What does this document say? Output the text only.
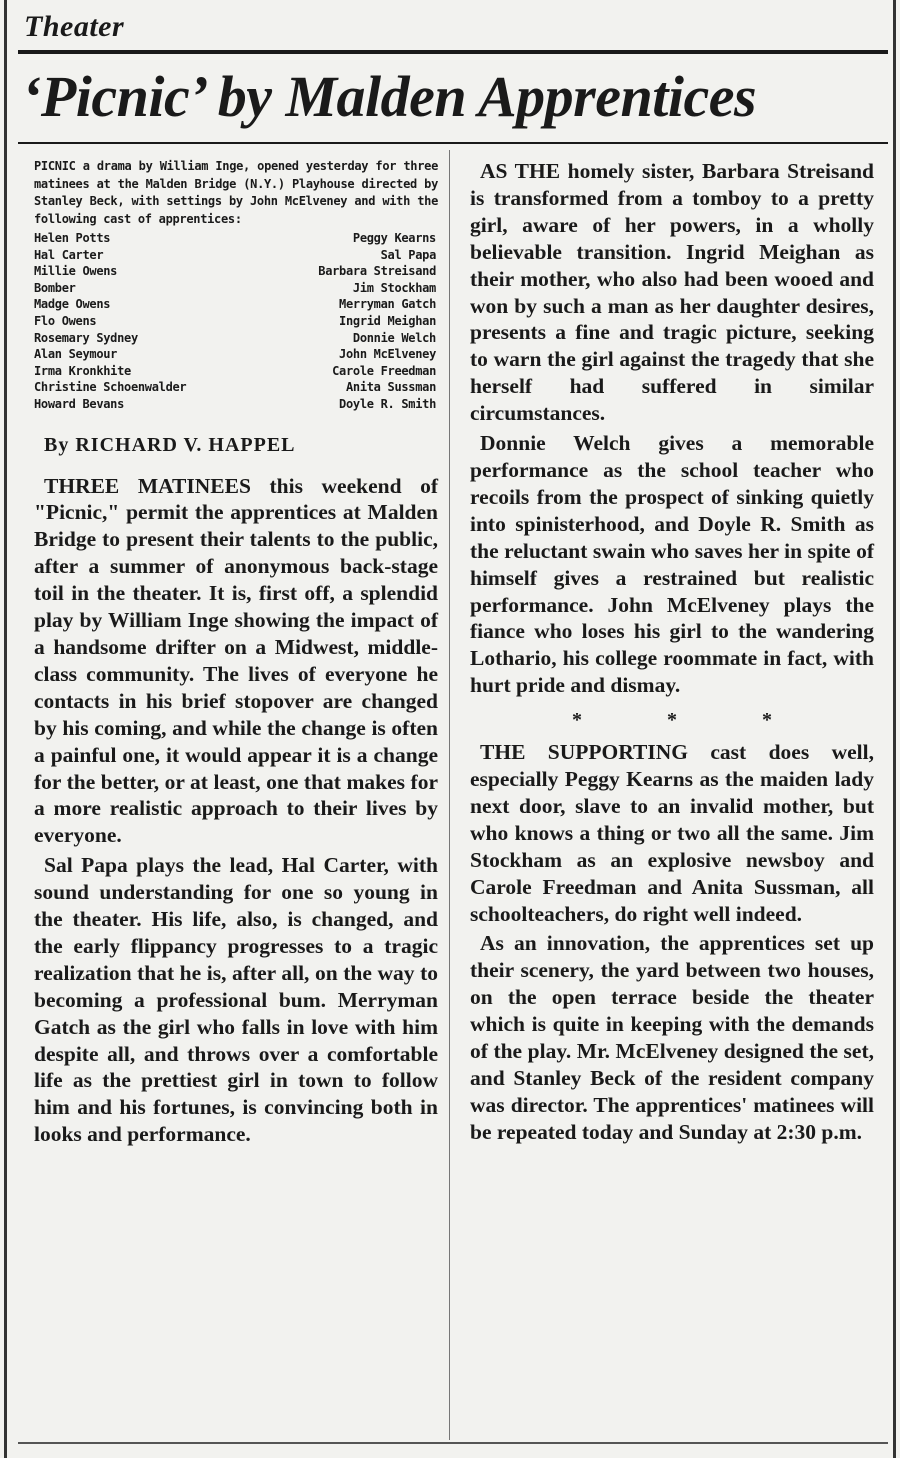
Theater
‘Picnic’ by Malden Apprentices

PICNIC a drama by William Inge, opened yesterday for three matinees at the Malden Bridge (N.Y.) Playhouse directed by Stanley Beck, with settings by John McElveney and with the following cast of apprentices:

Helen Potts	Peggy Kearns
Hal Carter	Sal Papa
Millie Owens	Barbara Streisand
Bomber	Jim Stockham
Madge Owens	Merryman Gatch
Flo Owens	Ingrid Meighan
Rosemary Sydney	Donnie Welch
Alan Seymour	John McElveney
Irma Kronkhite	Carole Freedman
Christine Schoenwalder	Anita Sussman
Howard Bevans	Doyle R. Smith
By RICHARD V. HAPPEL

THREE MATINEES this weekend of "Picnic," permit the apprentices at Malden Bridge to present their talents to the public, after a summer of anonymous back-stage toil in the theater. It is, first off, a splendid play by William Inge showing the impact of a handsome drifter on a Midwest, middle-class community. The lives of everyone he contacts in his brief stopover are changed by his coming, and while the change is often a painful one, it would appear it is a change for the better, or at least, one that makes for a more realistic approach to their lives by everyone.

Sal Papa plays the lead, Hal Carter, with sound understanding for one so young in the theater. His life, also, is changed, and the early flippancy progresses to a tragic realization that he is, after all, on the way to becoming a professional bum. Merryman Gatch as the girl who falls in love with him despite all, and throws over a comfortable life as the prettiest girl in town to follow him and his fortunes, is convincing both in looks and performance.

AS THE homely sister, Barbara Streisand is transformed from a tomboy to a pretty girl, aware of her powers, in a wholly believable transition. Ingrid Meighan as their mother, who also had been wooed and won by such a man as her daughter desires, presents a fine and tragic picture, seeking to warn the girl against the tragedy that she herself had suffered in similar circumstances.

Donnie Welch gives a memorable performance as the school teacher who recoils from the prospect of sinking quietly into spinisterhood, and Doyle R. Smith as the reluctant swain who saves her in spite of himself gives a restrained but realistic performance. John McElveney plays the fiance who loses his girl to the wandering Lothario, his college roommate in fact, with hurt pride and dismay.

* * *

THE SUPPORTING cast does well, especially Peggy Kearns as the maiden lady next door, slave to an invalid mother, but who knows a thing or two all the same. Jim Stockham as an explosive newsboy and Carole Freedman and Anita Sussman, all schoolteachers, do right well indeed.

As an innovation, the apprentices set up their scenery, the yard between two houses, on the open terrace beside the theater which is quite in keeping with the demands of the play. Mr. McElveney designed the set, and Stanley Beck of the resident company was director. The apprentices' matinees will be repeated today and Sunday at 2:30 p.m.
